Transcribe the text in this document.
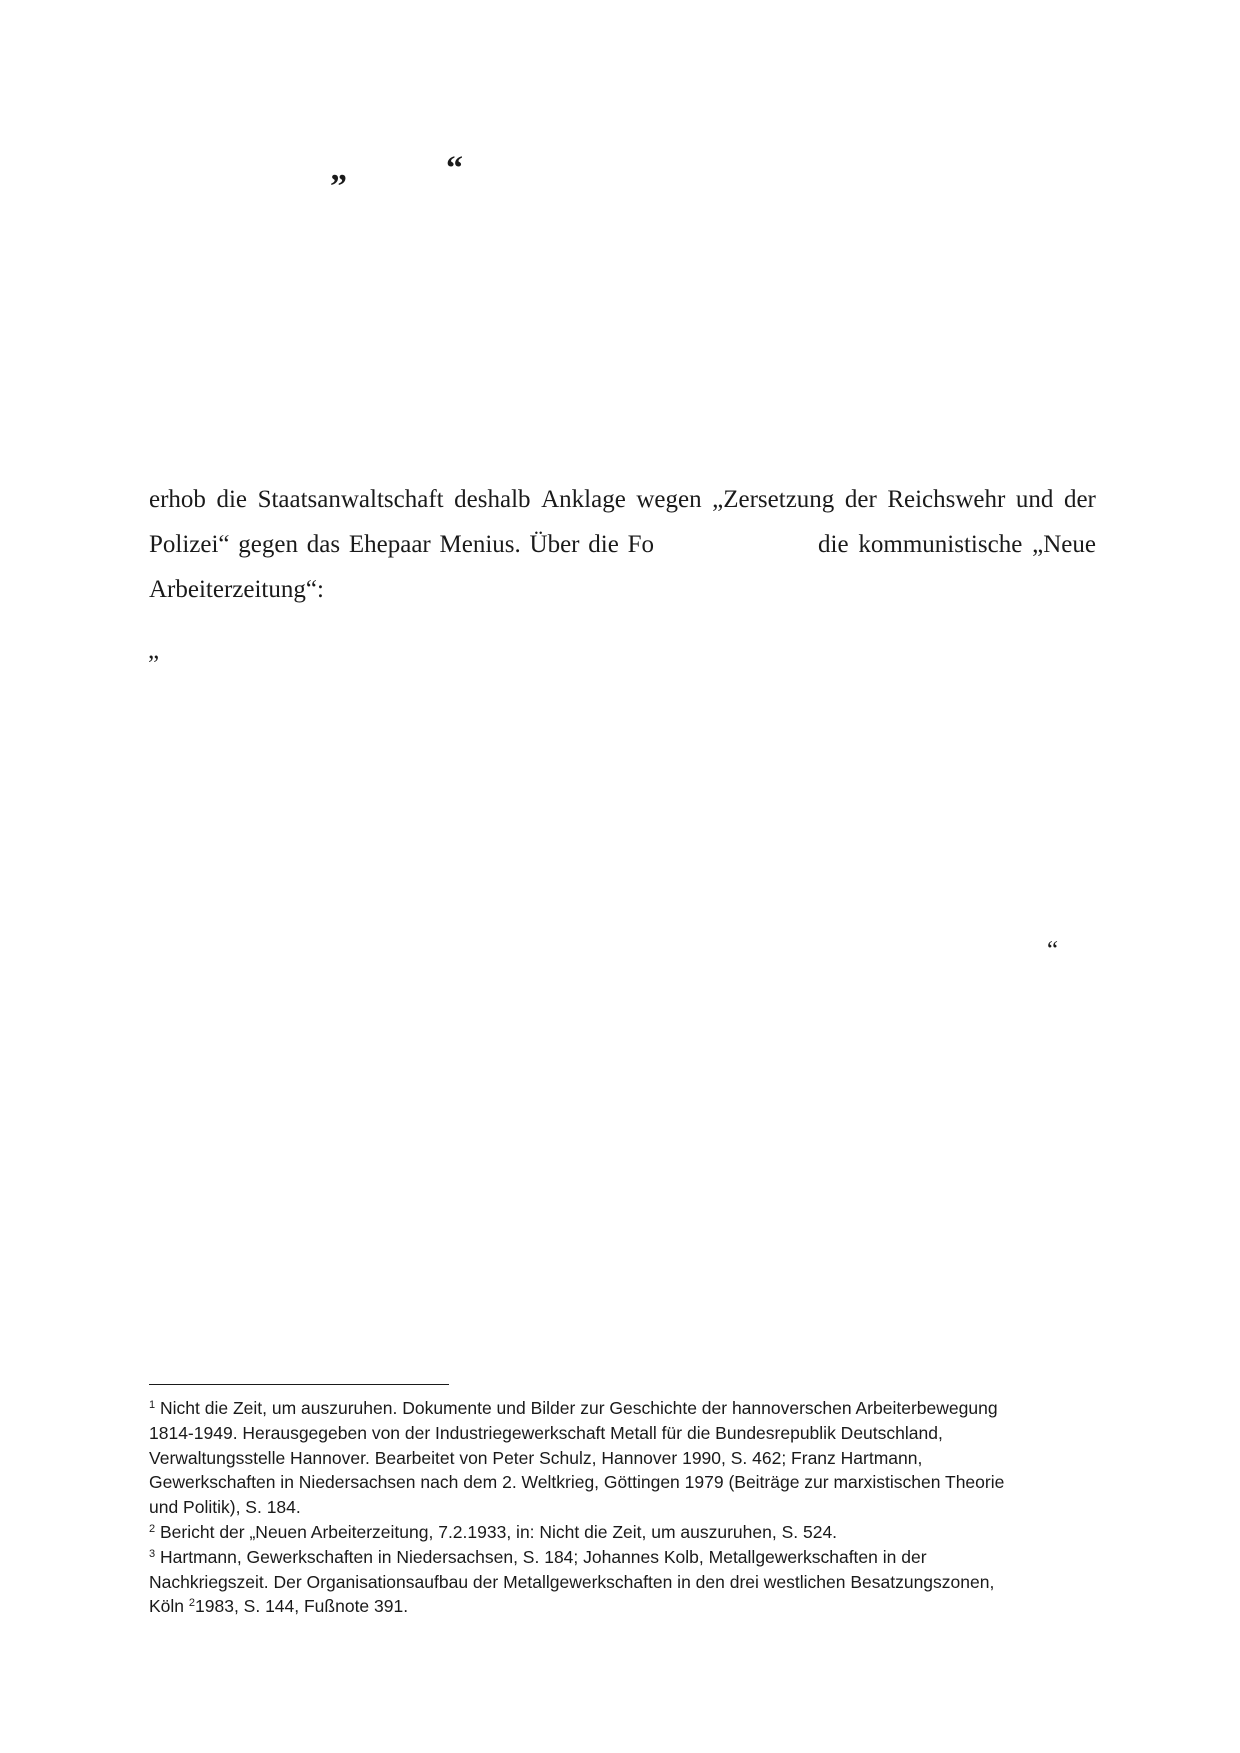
”	“
erhob die Staatsanwaltschaft deshalb Anklage wegen „Zersetzung der Reichswehr und der
Polizei“ gegen das Ehepaar Menius. Über die Fo	die kommunistische „Neue
Arbeiterzeitung“:
”
“
$^1$ Nicht die Zeit, um auszuruhen. Dokumente und Bilder zur Geschichte der hannoverschen Arbeiterbewegung
1814-1949. Herausgegeben von der Industriegewerkschaft Metall für die Bundesrepublik Deutschland,
Verwaltungsstelle Hannover. Bearbeitet von Peter Schulz, Hannover 1990, S. 462; Franz Hartmann,
Gewerkschaften in Niedersachsen nach dem 2. Weltkrieg, Göttingen 1979 (Beiträge zur marxistischen Theorie
und Politik), S. 184.
$^2$ Bericht der „Neuen Arbeiterzeitung, 7.2.1933, in: Nicht die Zeit, um auszuruhen, S. 524.
$^3$ Hartmann, Gewerkschaften in Niedersachsen, S. 184; Johannes Kolb, Metallgewerkschaften in der
Nachkriegszeit. Der Organisationsaufbau der Metallgewerkschaften in den drei westlichen Besatzungszonen,
Köln $^2$1983, S. 144, Fußnote 391.
